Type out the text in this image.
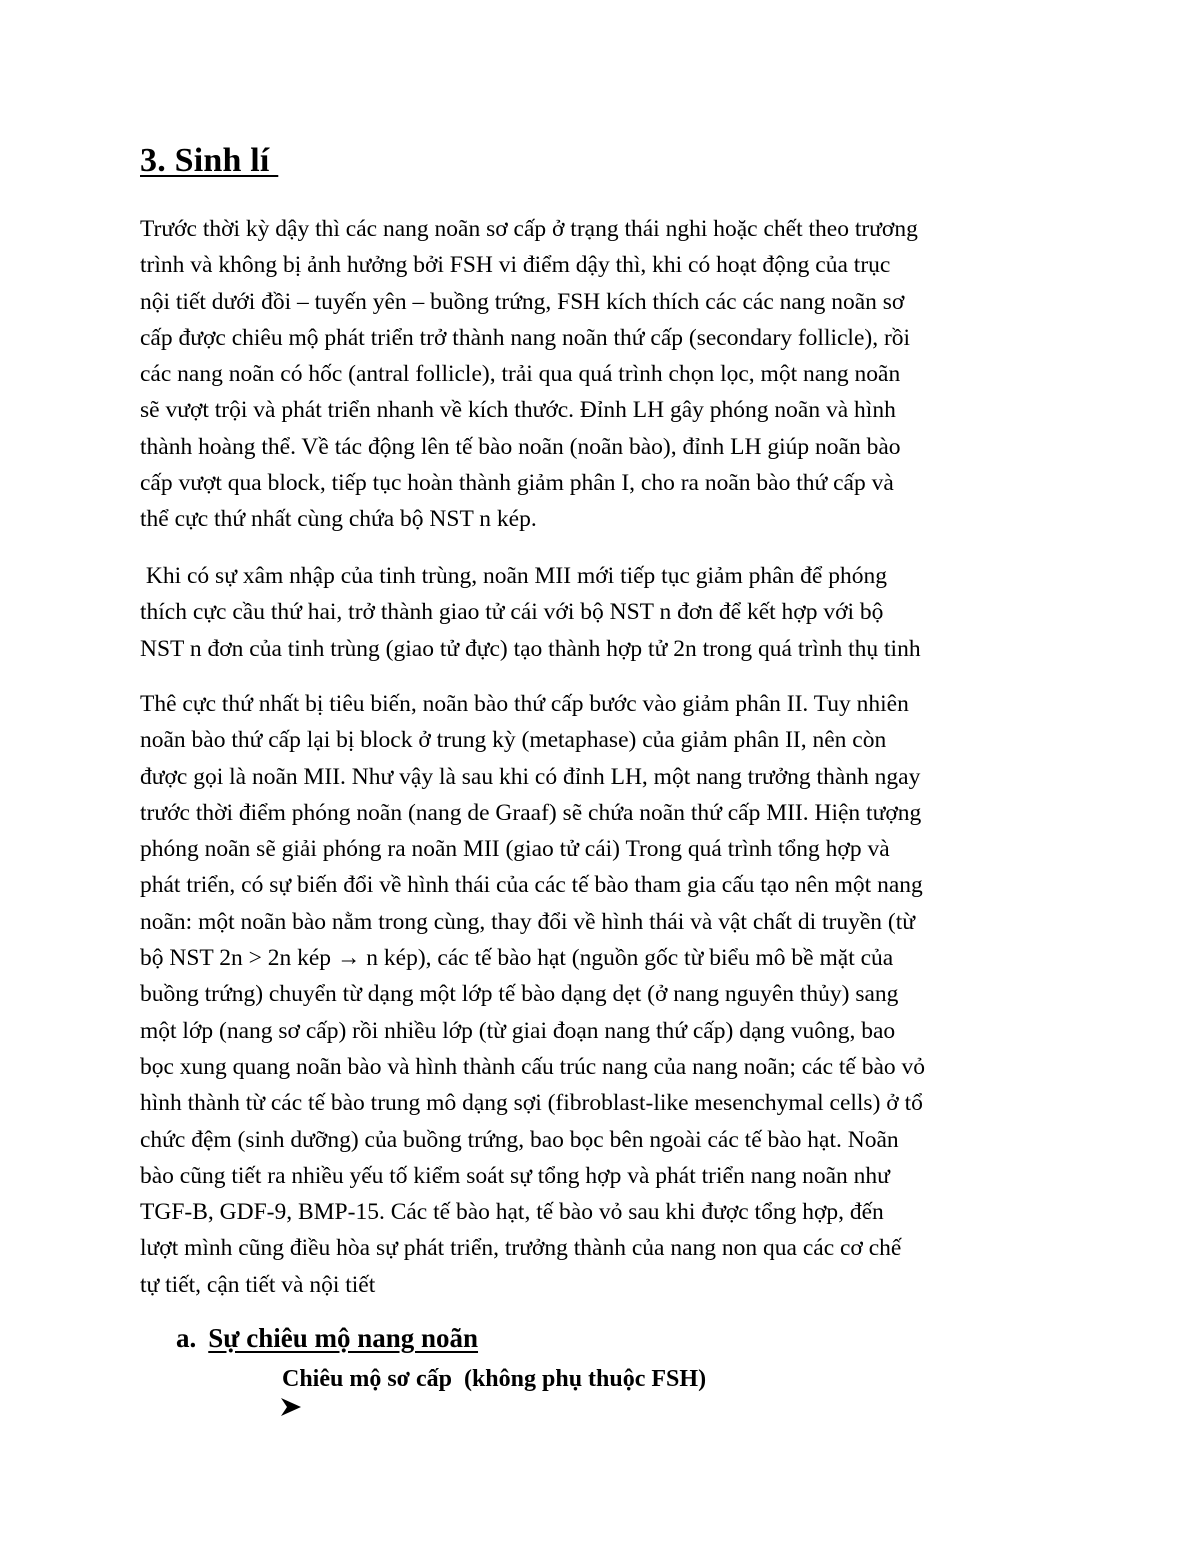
3. Sinh lí

Trước thời kỳ dậy thì các nang noãn sơ cấp ở trạng thái nghi hoặc chết theo trương
trình và không bị ảnh hưởng bởi FSH vi điểm dậy thì, khi có hoạt động của trục
nội tiết dưới đồi – tuyến yên – buồng trứng, FSH kích thích các các nang noãn sơ
cấp được chiêu mộ phát triển trở thành nang noãn thứ cấp (secondary follicle), rồi
các nang noãn có hốc (antral follicle), trải qua quá trình chọn lọc, một nang noãn
sẽ vượt trội và phát triển nhanh về kích thước. Đỉnh LH gây phóng noãn và hình
thành hoàng thể. Về tác động lên tế bào noãn (noãn bào), đỉnh LH giúp noãn bào
cấp vượt qua block, tiếp tục hoàn thành giảm phân I, cho ra noãn bào thứ cấp và
thể cực thứ nhất cùng chứa bộ NST n kép.

Khi có sự xâm nhập của tinh trùng, noãn MII mới tiếp tục giảm phân để phóng
thích cực cầu thứ hai, trở thành giao tử cái với bộ NST n đơn để kết hợp với bộ
NST n đơn của tinh trùng (giao tử đực) tạo thành hợp tử 2n trong quá trình thụ tinh

Thê cực thứ nhất bị tiêu biến, noãn bào thứ cấp bước vào giảm phân II. Tuy nhiên
noãn bào thứ cấp lại bị block ở trung kỳ (metaphase) của giảm phân II, nên còn
được gọi là noãn MII. Như vậy là sau khi có đỉnh LH, một nang trưởng thành ngay
trước thời điểm phóng noãn (nang de Graaf) sẽ chứa noãn thứ cấp MII. Hiện tượng
phóng noãn sẽ giải phóng ra noãn MII (giao tử cái) Trong quá trình tổng hợp và
phát triển, có sự biến đổi về hình thái của các tế bào tham gia cấu tạo nên một nang
noãn: một noãn bào nằm trong cùng, thay đổi về hình thái và vật chất di truyền (từ
bộ NST 2n > 2n kép → n kép), các tế bào hạt (nguồn gốc từ biểu mô bề mặt của
buồng trứng) chuyển từ dạng một lớp tế bào dạng dẹt (ở nang nguyên thủy) sang
một lớp (nang sơ cấp) rồi nhiều lớp (từ giai đoạn nang thứ cấp) dạng vuông, bao
bọc xung quang noãn bào và hình thành cấu trúc nang của nang noãn; các tế bào vỏ
hình thành từ các tế bào trung mô dạng sợi (fibroblast-like mesenchymal cells) ở tổ
chức đệm (sinh dưỡng) của buồng trứng, bao bọc bên ngoài các tế bào hạt. Noãn
bào cũng tiết ra nhiều yếu tố kiểm soát sự tổng hợp và phát triển nang noãn như
TGF-B, GDF-9, BMP-15. Các tế bào hạt, tế bào vỏ sau khi được tổng hợp, đến
lượt mình cũng điều hòa sự phát triển, trưởng thành của nang non qua các cơ chế
tự tiết, cận tiết và nội tiết

a. Sự chiêu mộ nang noãn

Chiêu mộ sơ cấp  (không phụ thuộc FSH)
